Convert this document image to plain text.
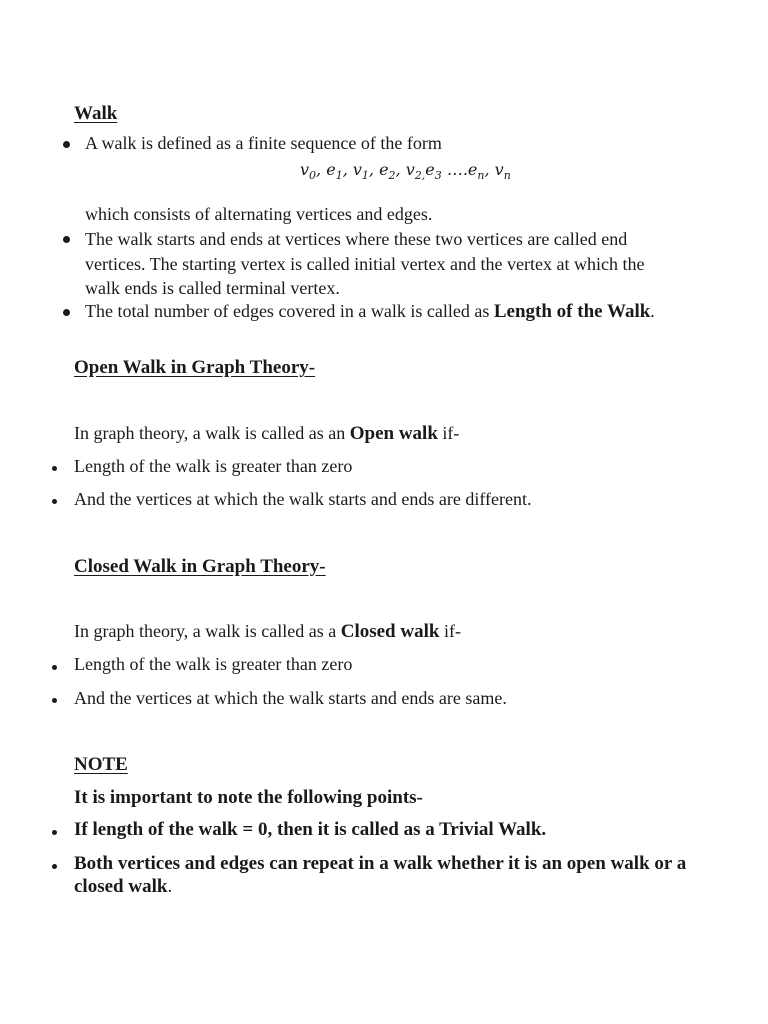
Walk
A walk is defined as a finite sequence of the form
$v_0$, $e_1$, $v_1$, $e_2$, $v_{2,}e_3$ $\dots.e_n$, $v_n$
which consists of alternating vertices and edges.
The walk starts and ends at vertices where these two vertices are called end
vertices. The starting vertex is called initial vertex and the vertex at which the
walk ends is called terminal vertex.
The total number of edges covered in a walk is called as Length of the Walk.
Open Walk in Graph Theory-
In graph theory, a walk is called as an Open walk if-
Length of the walk is greater than zero
And the vertices at which the walk starts and ends are different.
Closed Walk in Graph Theory-
In graph theory, a walk is called as a Closed walk if-
Length of the walk is greater than zero
And the vertices at which the walk starts and ends are same.
NOTE
It is important to note the following points-
If length of the walk = 0, then it is called as a Trivial Walk.
Both vertices and edges can repeat in a walk whether it is an open walk or a
closed walk.
